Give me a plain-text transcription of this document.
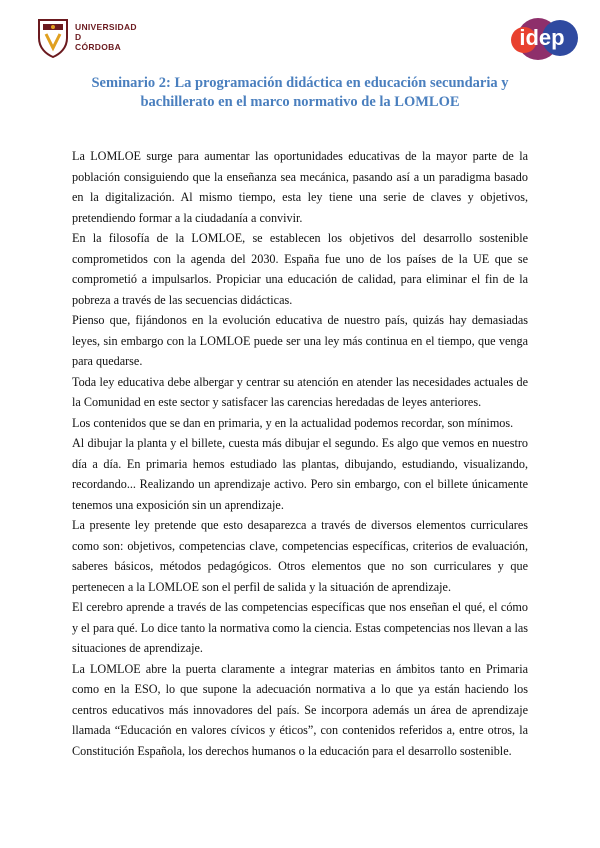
UNIVERSIDAD
D
CÓRDOBA	idep
Seminario 2: La programación didáctica en educación secundaria y bachillerato en el marco normativo de la LOMLOE

La LOMLOE surge para aumentar las oportunidades educativas de la mayor parte de la población consiguiendo que la enseñanza sea mecánica, pasando así a un paradigma basado en la digitalización. Al mismo tiempo, esta ley tiene una serie de claves y objetivos, pretendiendo formar a la ciudadanía a convivir.

En la filosofía de la LOMLOE, se establecen los objetivos del desarrollo sostenible comprometidos con la agenda del 2030. España fue uno de los países de la UE que se comprometió a impulsarlos. Propiciar una educación de calidad, para eliminar el fin de la pobreza a través de las secuencias didácticas.

Pienso que, fijándonos en la evolución educativa de nuestro país, quizás hay demasiadas leyes, sin embargo con la LOMLOE puede ser una ley más continua en el tiempo, que venga para quedarse.

Toda ley educativa debe albergar y centrar su atención en atender las necesidades actuales de la Comunidad en este sector y satisfacer las carencias heredadas de leyes anteriores.

Los contenidos que se dan en primaria, y en la actualidad podemos recordar, son mínimos.

Al dibujar la planta y el billete, cuesta más dibujar el segundo. Es algo que vemos en nuestro día a día. En primaria hemos estudiado las plantas, dibujando, estudiando, visualizando, recordando... Realizando un aprendizaje activo. Pero sin embargo, con el billete únicamente tenemos una exposición sin un aprendizaje.

La presente ley pretende que esto desaparezca a través de diversos elementos curriculares como son: objetivos, competencias clave, competencias específicas, criterios de evaluación, saberes básicos, métodos pedagógicos. Otros elementos que no son curriculares y que pertenecen a la LOMLOE son el perfil de salida y la situación de aprendizaje.

El cerebro aprende a través de las competencias específicas que nos enseñan el qué, el cómo y el para qué. Lo dice tanto la normativa como la ciencia. Estas competencias nos llevan a las situaciones de aprendizaje.

La LOMLOE abre la puerta claramente a integrar materias en ámbitos tanto en Primaria como en la ESO, lo que supone la adecuación normativa a lo que ya están haciendo los centros educativos más innovadores del país. Se incorpora además un área de aprendizaje llamada “Educación en valores cívicos y éticos”, con contenidos referidos a, entre otros, la Constitución Española, los derechos humanos o la educación para el desarrollo sostenible.
